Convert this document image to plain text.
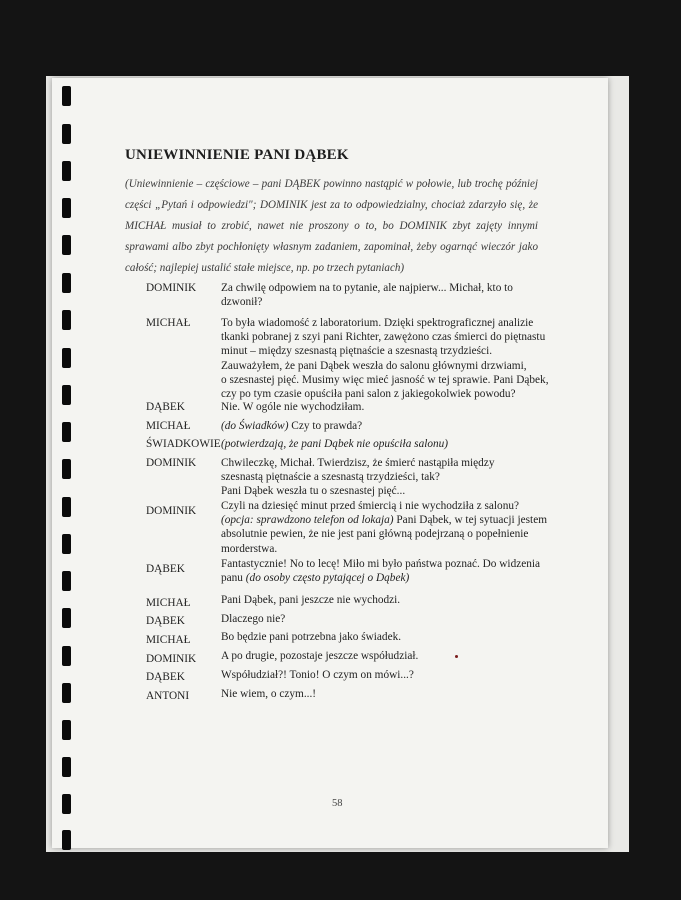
UNIEWINNIENIE PANI DĄBEK
(Uniewinnienie – częściowe – pani DĄBEK powinno nastąpić w połowie, lub trochę później
części „Pytań i odpowiedzi"; DOMINIK jest za to odpowiedzialny, chociaż zdarzyło się, że
MICHAŁ musiał to zrobić, nawet nie proszony o to, bo DOMINIK zbyt zajęty innymi
sprawami albo zbyt pochłonięty własnym zadaniem, zapominał, żeby ogarnąć wieczór jako
całość; najlepiej ustalić stałe miejsce, np. po trzech pytaniach)
DOMINIK Za chwilę odpowiem na to pytanie, ale najpierw... Michał, kto to
dzwonił?
MICHAŁ	To była wiadomość z laboratorium. Dzięki spektrograficznej analizie
tkanki pobranej z szyi pani Richter, zawężono czas śmierci do piętnastu
minut – między szesnastą piętnaście a szesnastą trzydzieści.
Zauważyłem, że pani Dąbek weszła do salonu głównymi drzwiami,
o szesnastej pięć. Musimy więc mieć jasność w tej sprawie. Pani Dąbek,
czy po tym czasie opuściła pani salon z jakiegokolwiek powodu?
DĄBEK	Nie. W ogóle nie wychodziłam.
MICHAŁ	(do Świadków) Czy to prawda?
ŚWIADKOWIE (potwierdzają, że pani Dąbek nie opuściła salonu)
DOMINIK Chwileczkę, Michał. Twierdzisz, że śmierć nastąpiła między
szesnastą piętnaście a szesnastą trzydzieści, tak?
Pani Dąbek weszła tu o szesnastej pięć...
DOMINIK Czyli na dziesięć minut przed śmiercią i nie wychodziła z salonu?
(opcja: sprawdzono telefon od lokaja) Pani Dąbek, w tej sytuacji jestem
absolutnie pewien, że nie jest pani główną podejrzaną o popełnienie
morderstwa.
DĄBEK	Fantastycznie! No to lecę! Miło mi było państwa poznać. Do widzenia
panu (do osoby często pytającej o Dąbek)
MICHAŁ	Pani Dąbek, pani jeszcze nie wychodzi.
DĄBEK	Dlaczego nie?
MICHAŁ	Bo będzie pani potrzebna jako świadek.
DOMINIK A po drugie, pozostaje jeszcze współudział.
DĄBEK	Współudział?! Tonio! O czym on mówi...?
ANTONI	Nie wiem, o czym...!
58
